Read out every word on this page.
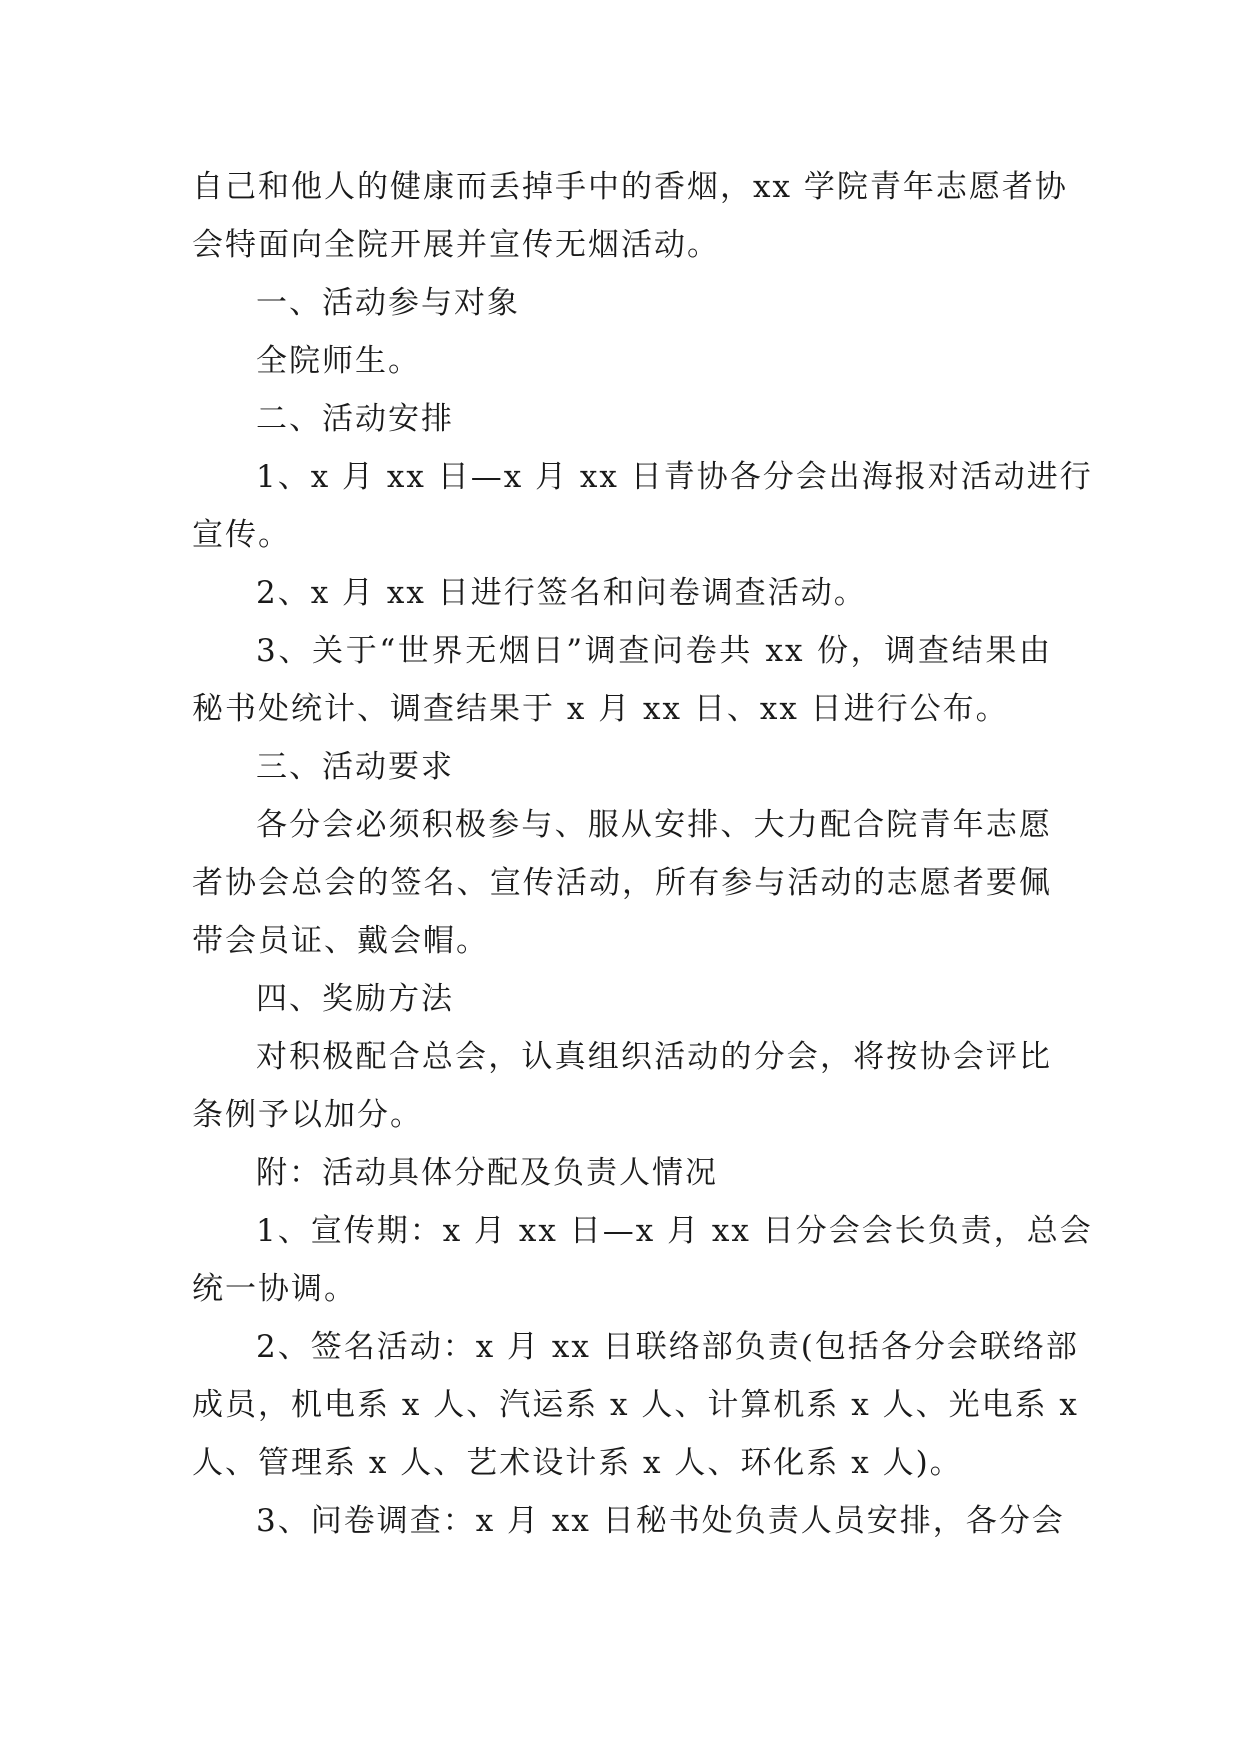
自己和他人的健康而丢掉手中的香烟，xx 学院青年志愿者协

会特面向全院开展并宣传无烟活动。

一、活动参与对象

全院师生。

二、活动安排

1、x 月 xx 日—x 月 xx 日青协各分会出海报对活动进行

宣传。

2、x 月 xx 日进行签名和问卷调查活动。

3、关于“世界无烟日”调查问卷共 xx 份，调查结果由

秘书处统计、调查结果于 x 月 xx 日、xx 日进行公布。

三、活动要求

各分会必须积极参与、服从安排、大力配合院青年志愿

者协会总会的签名、宣传活动，所有参与活动的志愿者要佩

带会员证、戴会帽。

四、奖励方法

对积极配合总会，认真组织活动的分会，将按协会评比

条例予以加分。

附：活动具体分配及负责人情况

1、宣传期：x 月 xx 日—x 月 xx 日分会会长负责，总会

统一协调。

2、签名活动：x 月 xx 日联络部负责(包括各分会联络部

成员，机电系 x 人、汽运系 x 人、计算机系 x 人、光电系 x

人、管理系 x 人、艺术设计系 x 人、环化系 x 人)。

3、问卷调查：x 月 xx 日秘书处负责人员安排，各分会
